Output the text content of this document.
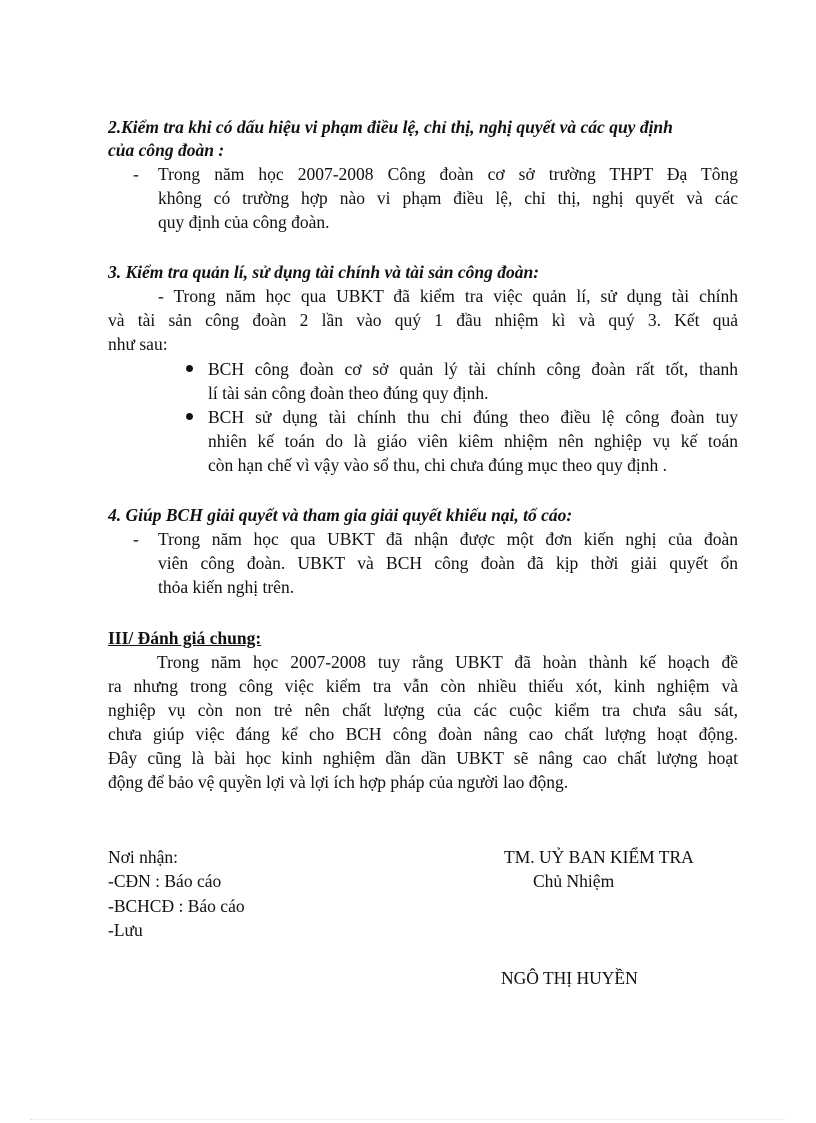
2.Kiểm tra khi có dấu hiệu vi phạm điều lệ, chỉ thị, nghị quyết và các quy định
của công đoàn :
- Trong năm học 2007-2008 Công đoàn cơ sở trường THPT Đạ Tông
không có trường hợp nào vi phạm điều lệ, chỉ thị, nghị quyết và các
quy định của công đoàn.
3. Kiểm tra quản lí, sử dụng tài chính và tài sản công đoàn:
- Trong năm học qua UBKT đã kiểm tra việc quản lí, sử dụng tài chính
và tài sản công đoàn 2 lần vào quý 1 đầu nhiệm kì và quý 3. Kết quả
như sau:
BCH công đoàn cơ sở quản lý tài chính công đoàn rất tốt, thanh
lí tài sản công đoàn theo đúng quy định.
BCH sử dụng tài chính thu chi đúng theo điều lệ công đoàn tuy
nhiên kế toán do là giáo viên kiêm nhiệm nên nghiệp vụ kế toán
còn hạn chế vì vậy vào sổ thu, chi chưa đúng mục theo quy định .
4. Giúp BCH giải quyết và tham gia giải quyết khiếu nại, tố cáo:
- Trong năm học qua UBKT đã nhận được một đơn kiến nghị của đoàn
viên công đoàn. UBKT và BCH công đoàn đã kịp thời giải quyết ổn
thỏa kiến nghị trên.
III/ Đánh giá chung:
Trong năm học 2007-2008 tuy rằng UBKT đã hoàn thành kế hoạch đề
ra nhưng trong công việc kiểm tra vẫn còn nhiều thiếu xót, kinh nghiệm và
nghiệp vụ còn non trẻ nên chất lượng của các cuộc kiểm tra chưa sâu sát,
chưa giúp việc đáng kể cho BCH công đoàn nâng cao chất lượng hoạt động.
Đây cũng là bài học kinh nghiệm dần dần UBKT sẽ nâng cao chất lượng hoạt
động để bảo vệ quyền lợi và lợi ích hợp pháp của người lao động.
Nơi nhận:
-CĐN : Báo cáo
-BCHCĐ : Báo cáo
-Lưu
TM. UỶ BAN KIỂM TRA
Chủ Nhiệm
NGÔ THỊ HUYỀN
